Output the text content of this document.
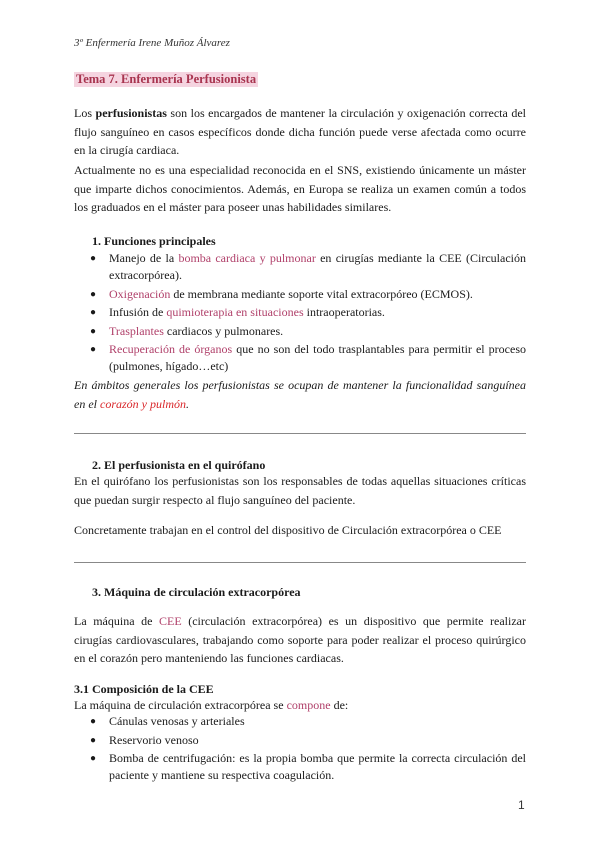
3º Enfermería Irene Muñoz Álvarez
Tema 7. Enfermería Perfusionista
Los perfusionistas son los encargados de mantener la circulación y oxigenación correcta del flujo sanguíneo en casos específicos donde dicha función puede verse afectada como ocurre en la cirugía cardiaca.
Actualmente no es una especialidad reconocida en el SNS, existiendo únicamente un máster que imparte dichos conocimientos. Además, en Europa se realiza un examen común a todos los graduados en el máster para poseer unas habilidades similares.
1. Funciones principales
● Manejo de la bomba cardiaca y pulmonar en cirugías mediante la CEE (Circulación extracorpórea).
● Oxigenación de membrana mediante soporte vital extracorpóreo (ECMOS).
● Infusión de quimioterapia en situaciones intraoperatorias.
● Trasplantes cardiacos y pulmonares.
● Recuperación de órganos que no son del todo trasplantables para permitir el proceso (pulmones, hígado…etc)
En ámbitos generales los perfusionistas se ocupan de mantener la funcionalidad sanguínea en el corazón y pulmón.
2. El perfusionista en el quirófano
En el quirófano los perfusionistas son los responsables de todas aquellas situaciones críticas que puedan surgir respecto al flujo sanguíneo del paciente.
Concretamente trabajan en el control del dispositivo de Circulación extracorpórea o CEE
3. Máquina de circulación extracorpórea
La máquina de CEE (circulación extracorpórea) es un dispositivo que permite realizar cirugías cardiovasculares, trabajando como soporte para poder realizar el proceso quirúrgico en el corazón pero manteniendo las funciones cardiacas.
3.1 Composición de la CEE
La máquina de circulación extracorpórea se compone de:
● Cánulas venosas y arteriales
● Reservorio venoso
● Bomba de centrifugación: es la propia bomba que permite la correcta circulación del paciente y mantiene su respectiva coagulación.
1
